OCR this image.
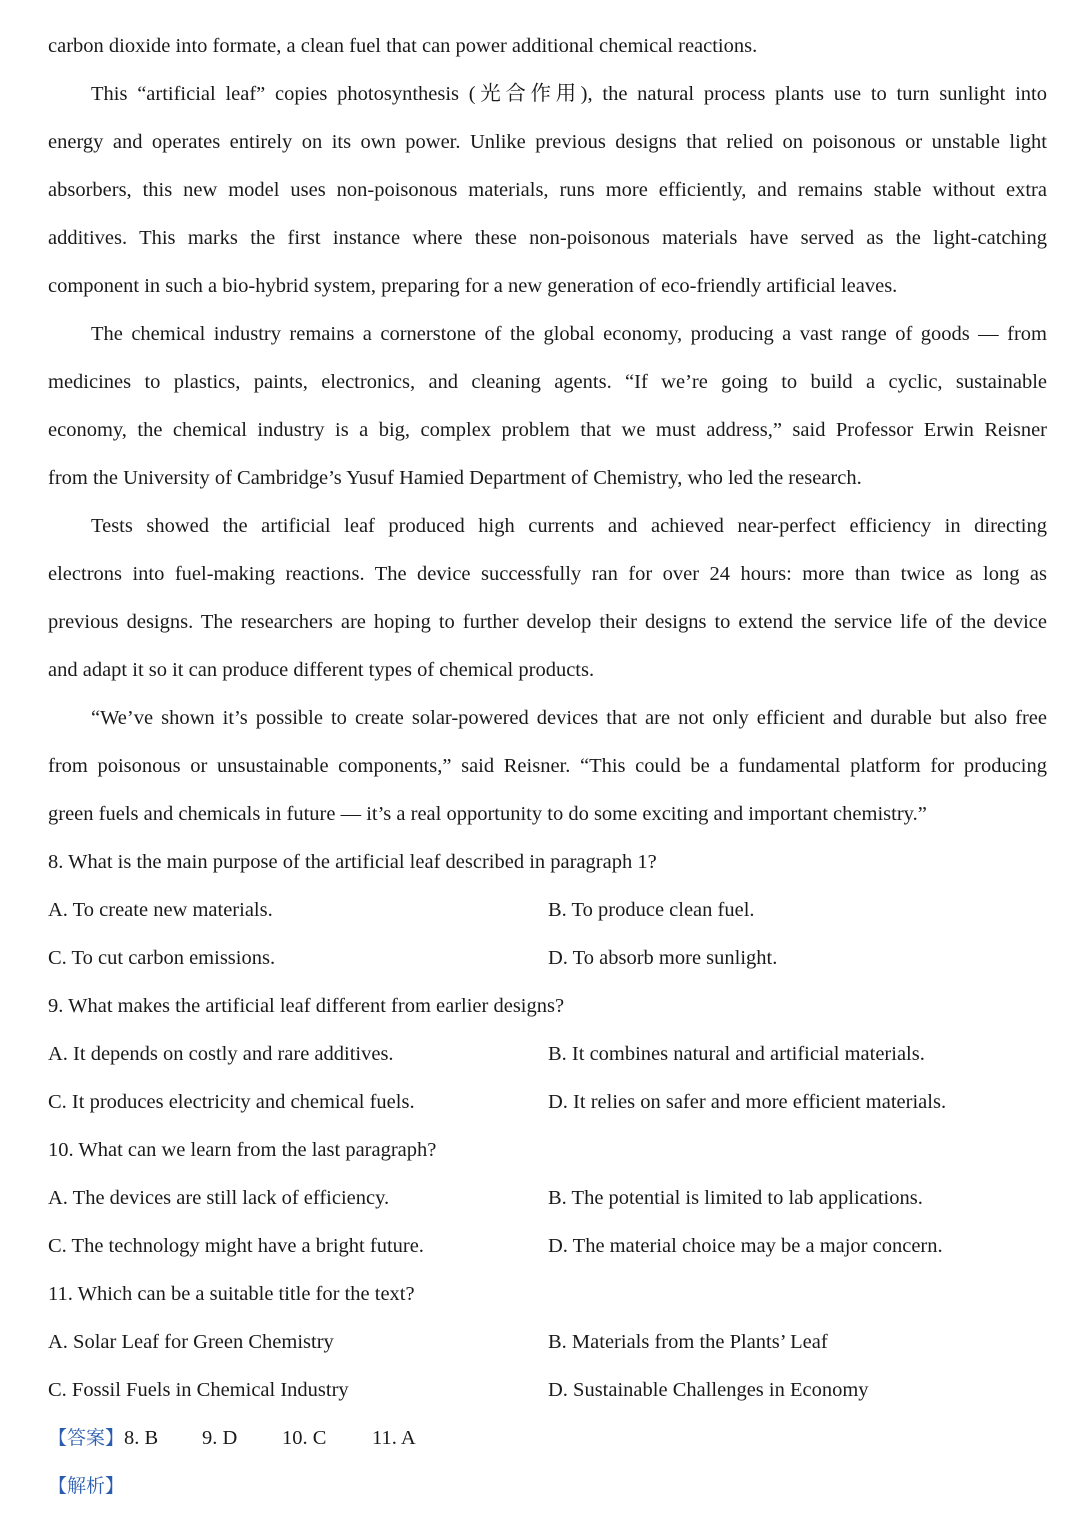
carbon dioxide into formate, a clean fuel that can power additional chemical reactions.
This “artificial leaf” copies photosynthesis (光合作用), the natural process plants use to turn sunlight into
energy and operates entirely on its own power. Unlike previous designs that relied on poisonous or unstable light
absorbers, this new model uses non-poisonous materials, runs more efficiently, and remains stable without extra
additives. This marks the first instance where these non-poisonous materials have served as the light-catching
component in such a bio-hybrid system, preparing for a new generation of eco-friendly artificial leaves.
The chemical industry remains a cornerstone of the global economy, producing a vast range of goods — from
medicines to plastics, paints, electronics, and cleaning agents. “If we’re going to build a cyclic, sustainable
economy, the chemical industry is a big, complex problem that we must address,” said Professor Erwin Reisner
from the University of Cambridge’s Yusuf Hamied Department of Chemistry, who led the research.
Tests showed the artificial leaf produced high currents and achieved near-perfect efficiency in directing
electrons into fuel-making reactions. The device successfully ran for over 24 hours: more than twice as long as
previous designs. The researchers are hoping to further develop their designs to extend the service life of the device
and adapt it so it can produce different types of chemical products.
“We’ve shown it’s possible to create solar-powered devices that are not only efficient and durable but also free
from poisonous or unsustainable components,” said Reisner. “This could be a fundamental platform for producing
green fuels and chemicals in future — it’s a real opportunity to do some exciting and important chemistry.”
8. What is the main purpose of the artificial leaf described in paragraph 1?
A. To create new materials.	B. To produce clean fuel.
C. To cut carbon emissions.	D. To absorb more sunlight.
9. What makes the artificial leaf different from earlier designs?
A. It depends on costly and rare additives.	B. It combines natural and artificial materials.
C. It produces electricity and chemical fuels.	D. It relies on safer and more efficient materials.
10. What can we learn from the last paragraph?
A. The devices are still lack of efficiency.	B. The potential is limited to lab applications.
C. The technology might have a bright future.	D. The material choice may be a major concern.
11. Which can be a suitable title for the text?
A. Solar Leaf for Green Chemistry	B. Materials from the Plants’ Leaf
C. Fossil Fuels in Chemical Industry	D. Sustainable Challenges in Economy
【答案】8. B 9. D 10. C 11. A
【解析】
